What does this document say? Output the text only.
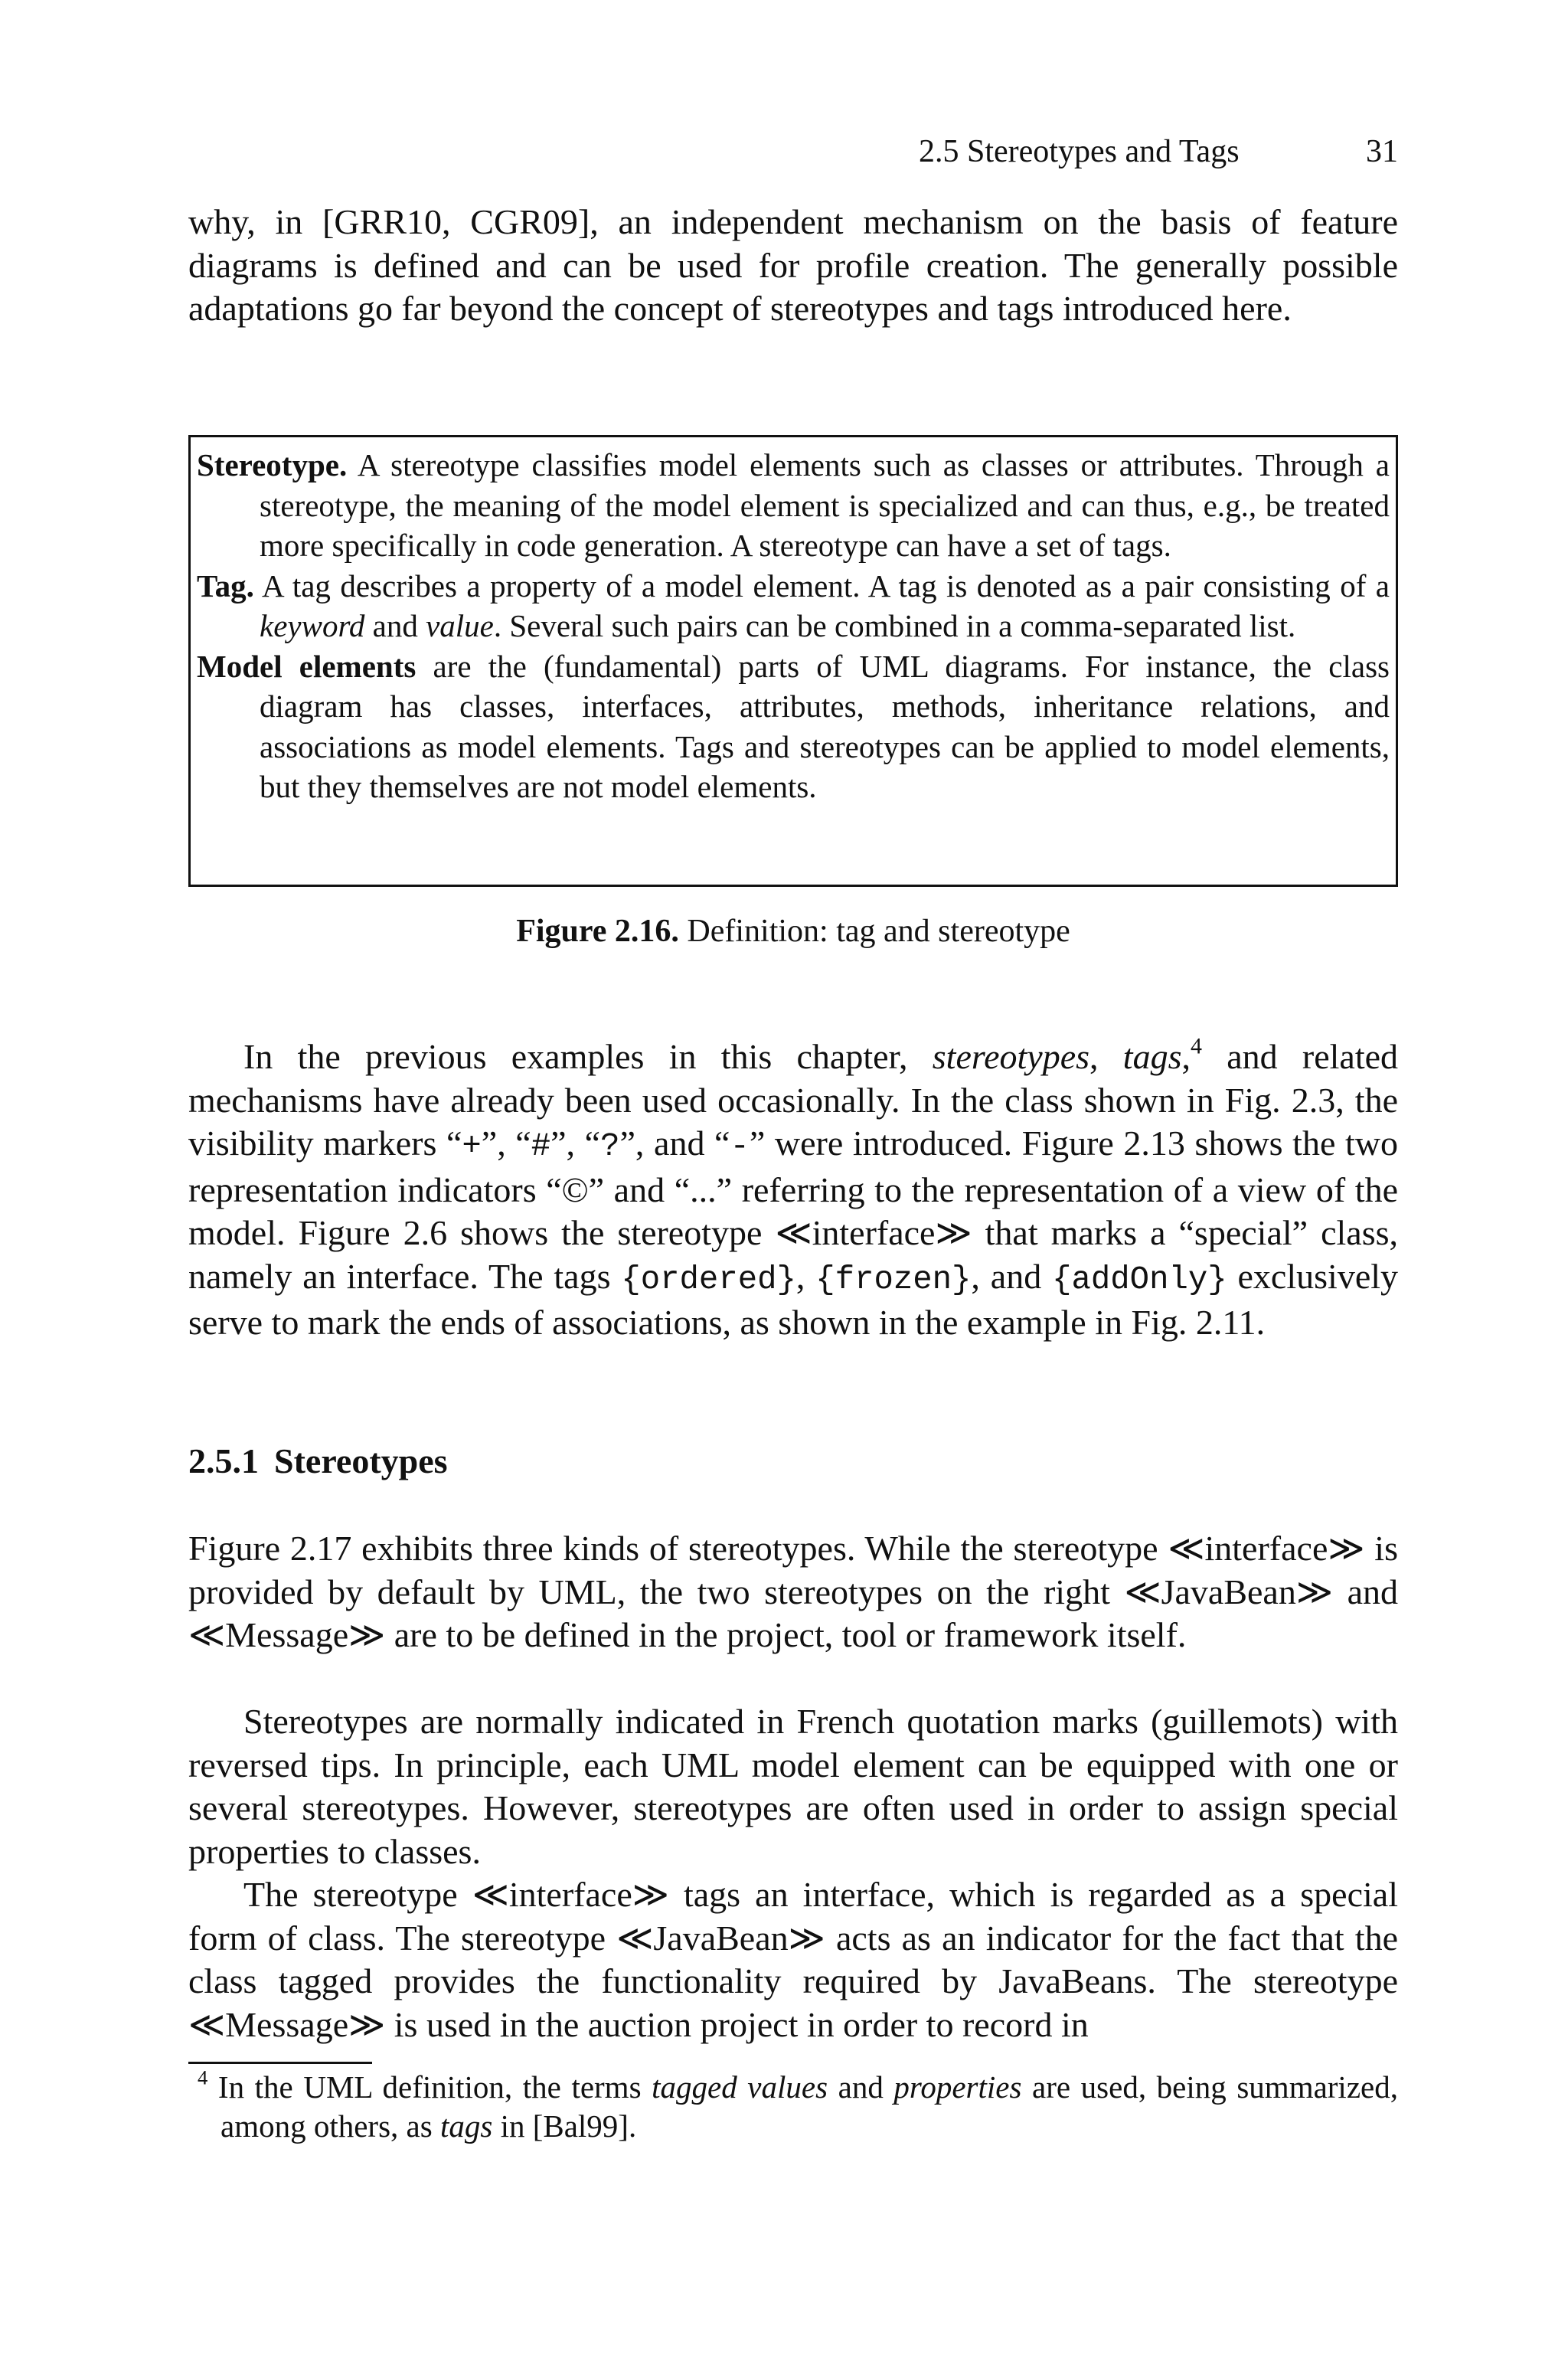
2.5 Stereotypes and Tags	31

why, in [GRR10, CGR09], an independent mechanism on the basis of feature diagrams is defined and can be used for profile creation. The generally possible adaptations go far beyond the concept of stereotypes and tags introduced here.

Stereotype. A stereotype classifies model elements such as classes or attributes. Through a stereotype, the meaning of the model element is specialized and can thus, e.g., be treated more specifically in code generation. A stereotype can have a set of tags.

Tag. A tag describes a property of a model element. A tag is denoted as a pair consisting of a keyword and value. Several such pairs can be combined in a comma-separated list.

Model elements are the (fundamental) parts of UML diagrams. For instance, the class diagram has classes, interfaces, attributes, methods, inheritance relations, and associations as model elements. Tags and stereotypes can be applied to model elements, but they themselves are not model elements.

Figure 2.16. Definition: tag and stereotype

In the previous examples in this chapter, stereotypes, tags,$^4$ and related mechanisms have already been used occasionally. In the class shown in Fig. 2.3, the visibility markers “+”, “#”, “?”, and “-” were introduced. Figure 2.13 shows the two representation indicators “©” and “...” referring to the representation of a view of the model. Figure 2.6 shows the stereotype ≪interface≫ that marks a “special” class, namely an interface. The tags {ordered}, {frozen}, and {addOnly} exclusively serve to mark the ends of associations, as shown in the example in Fig. 2.11.

2.5.1 Stereotypes

Figure 2.17 exhibits three kinds of stereotypes. While the stereotype ≪interface≫ is provided by default by UML, the two stereotypes on the right ≪JavaBean≫ and ≪Message≫ are to be defined in the project, tool or framework itself.

Stereotypes are normally indicated in French quotation marks (guillemots) with reversed tips. In principle, each UML model element can be equipped with one or several stereotypes. However, stereotypes are often used in order to assign special properties to classes.

The stereotype ≪interface≫ tags an interface, which is regarded as a special form of class. The stereotype ≪JavaBean≫ acts as an indicator for the fact that the class tagged provides the functionality required by JavaBeans. The stereotype ≪Message≫ is used in the auction project in order to record in

$^4$ In the UML definition, the terms tagged values and properties are used, being summarized, among others, as tags in [Bal99].
